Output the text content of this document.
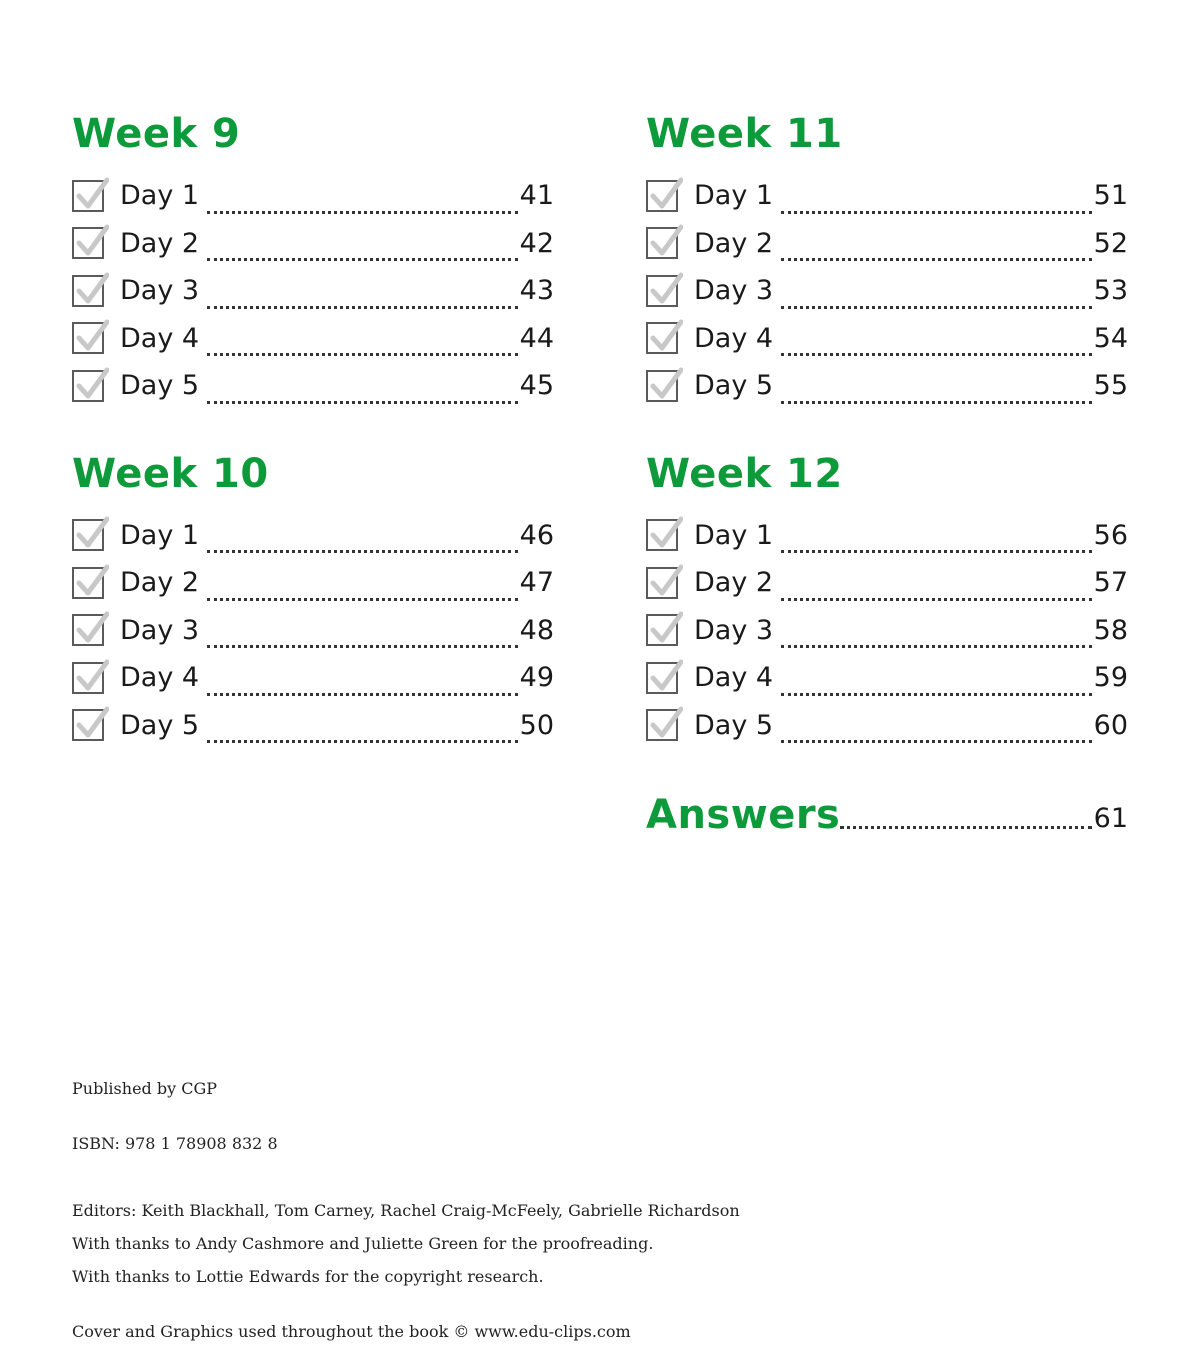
Week 9
Day 1	41
Day 2	42
Day 3	43
Day 4	44
Day 5	45
Week 10
Day 1	46
Day 2	47
Day 3	48
Day 4	49
Day 5	50
Week 11
Day 1	51
Day 2	52
Day 3	53
Day 4	54
Day 5	55
Week 12
Day 1	56
Day 2	57
Day 3	58
Day 4	59
Day 5	60
Answers	61

Published by CGP

ISBN: 978 1 78908 832 8

Editors: Keith Blackhall, Tom Carney, Rachel Craig-McFeely, Gabrielle Richardson

With thanks to Andy Cashmore and Juliette Green for the proofreading.

With thanks to Lottie Edwards for the copyright research.

Cover and Graphics used throughout the book © www.edu-clips.com
